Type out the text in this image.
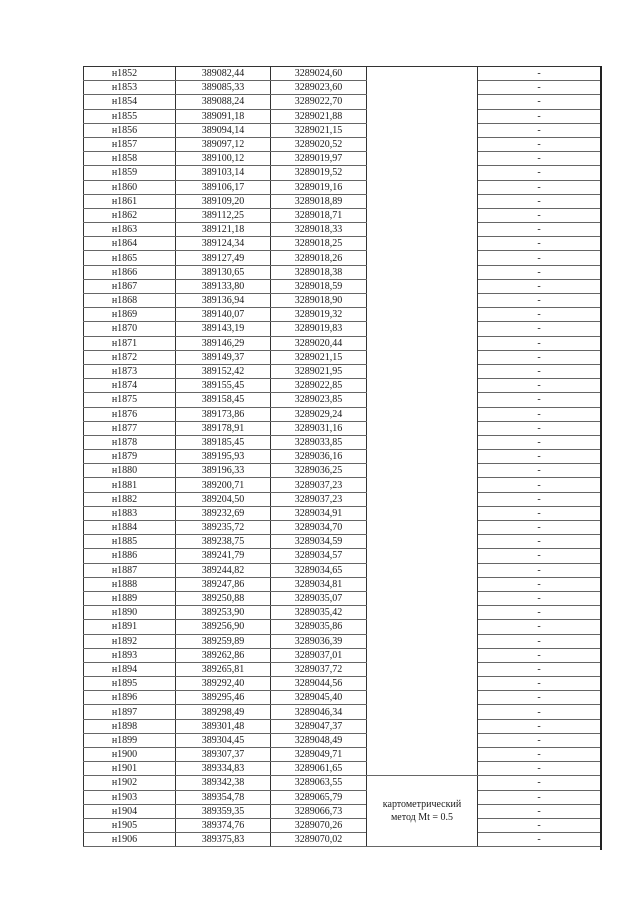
н1852	389082,44	3289024,60		-
н1853	389085,33	3289023,60		-
н1854	389088,24	3289022,70		-
н1855	389091,18	3289021,88		-
н1856	389094,14	3289021,15		-
н1857	389097,12	3289020,52		-
н1858	389100,12	3289019,97		-
н1859	389103,14	3289019,52		-
н1860	389106,17	3289019,16		-
н1861	389109,20	3289018,89		-
н1862	389112,25	3289018,71		-
н1863	389121,18	3289018,33		-
н1864	389124,34	3289018,25		-
н1865	389127,49	3289018,26		-
н1866	389130,65	3289018,38		-
н1867	389133,80	3289018,59		-
н1868	389136,94	3289018,90		-
н1869	389140,07	3289019,32		-
н1870	389143,19	3289019,83		-
н1871	389146,29	3289020,44		-
н1872	389149,37	3289021,15		-
н1873	389152,42	3289021,95		-
н1874	389155,45	3289022,85		-
н1875	389158,45	3289023,85		-
н1876	389173,86	3289029,24		-
н1877	389178,91	3289031,16		-
н1878	389185,45	3289033,85		-
н1879	389195,93	3289036,16		-
н1880	389196,33	3289036,25		-
н1881	389200,71	3289037,23		-
н1882	389204,50	3289037,23		-
н1883	389232,69	3289034,91		-
н1884	389235,72	3289034,70		-
н1885	389238,75	3289034,59		-
н1886	389241,79	3289034,57		-
н1887	389244,82	3289034,65		-
н1888	389247,86	3289034,81		-
н1889	389250,88	3289035,07		-
н1890	389253,90	3289035,42		-
н1891	389256,90	3289035,86		-
н1892	389259,89	3289036,39		-
н1893	389262,86	3289037,01		-
н1894	389265,81	3289037,72		-
н1895	389292,40	3289044,56		-
н1896	389295,46	3289045,40		-
н1897	389298,49	3289046,34		-
н1898	389301,48	3289047,37		-
н1899	389304,45	3289048,49		-
н1900	389307,37	3289049,71		-
н1901	389334,83	3289061,65		-
н1902	389342,38	3289063,55	картометрический
метод Mt = 0.5	-
н1903	389354,78	3289065,79		-
н1904	389359,35	3289066,73		-
н1905	389374,76	3289070,26		-
н1906	389375,83	3289070,02		-
